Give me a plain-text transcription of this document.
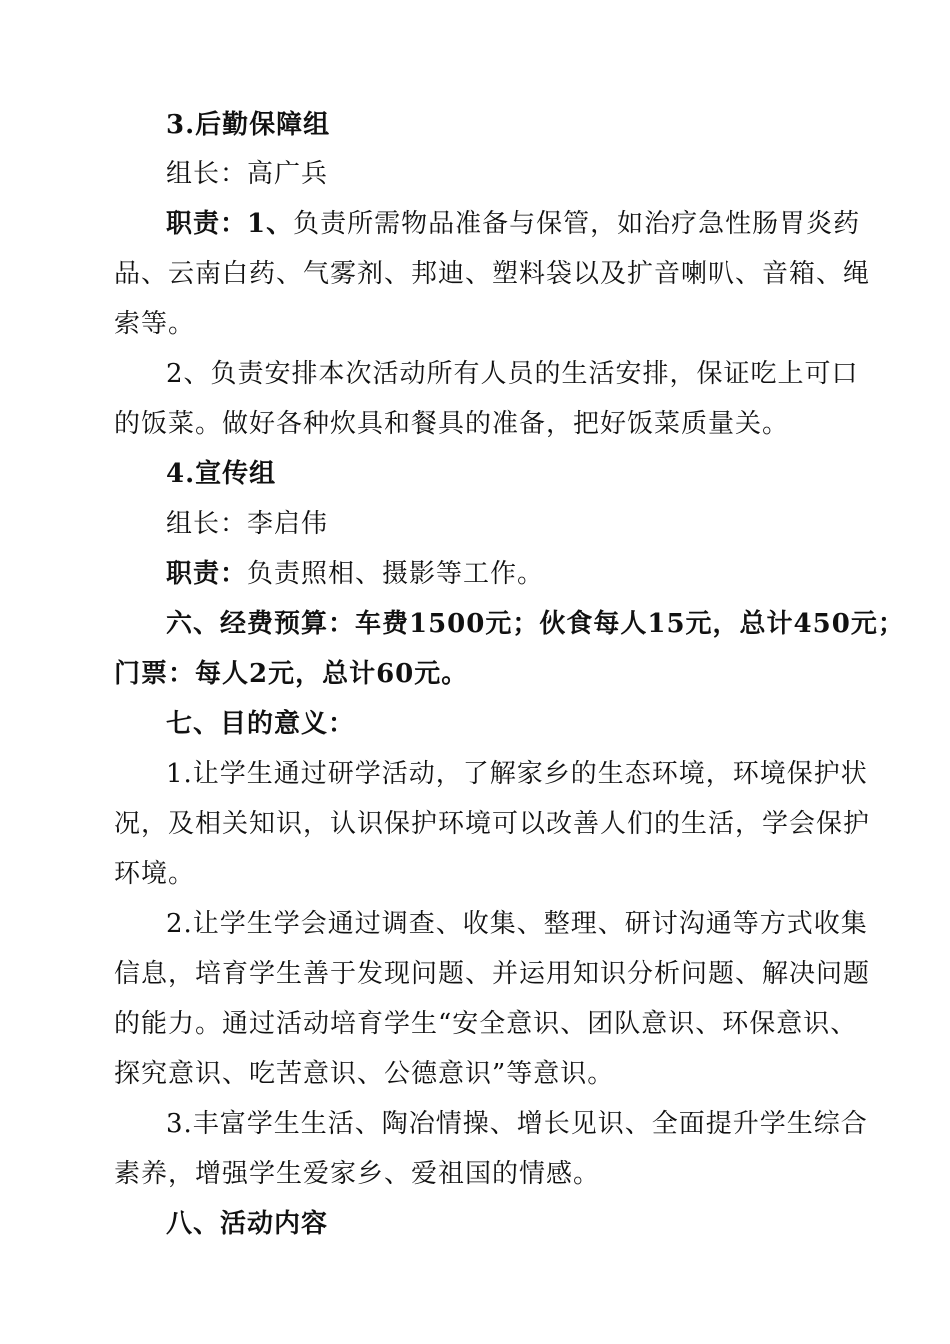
3.后勤保障组
组长：高广兵
职责：1、负责所需物品准备与保管，如治疗急性肠胃炎药
品、云南白药、气雾剂、邦迪、塑料袋以及扩音喇叭、音箱、绳
索等。
2、负责安排本次活动所有人员的生活安排，保证吃上可口
的饭菜。做好各种炊具和餐具的准备，把好饭菜质量关。
4.宣传组
组长：李启伟
职责：负责照相、摄影等工作。
六、经费预算：车费1500元；伙食每人15元，总计450元；
门票：每人2元，总计60元。
七、目的意义：
1.让学生通过研学活动，了解家乡的生态环境，环境保护状
况，及相关知识，认识保护环境可以改善人们的生活，学会保护
环境。
2.让学生学会通过调查、收集、整理、研讨沟通等方式收集
信息，培育学生善于发现问题、并运用知识分析问题、解决问题
的能力。通过活动培育学生“安全意识、团队意识、环保意识、
探究意识、吃苦意识、公德意识”等意识。
3.丰富学生生活、陶冶情操、增长见识、全面提升学生综合
素养，增强学生爱家乡、爱祖国的情感。
八、活动内容
